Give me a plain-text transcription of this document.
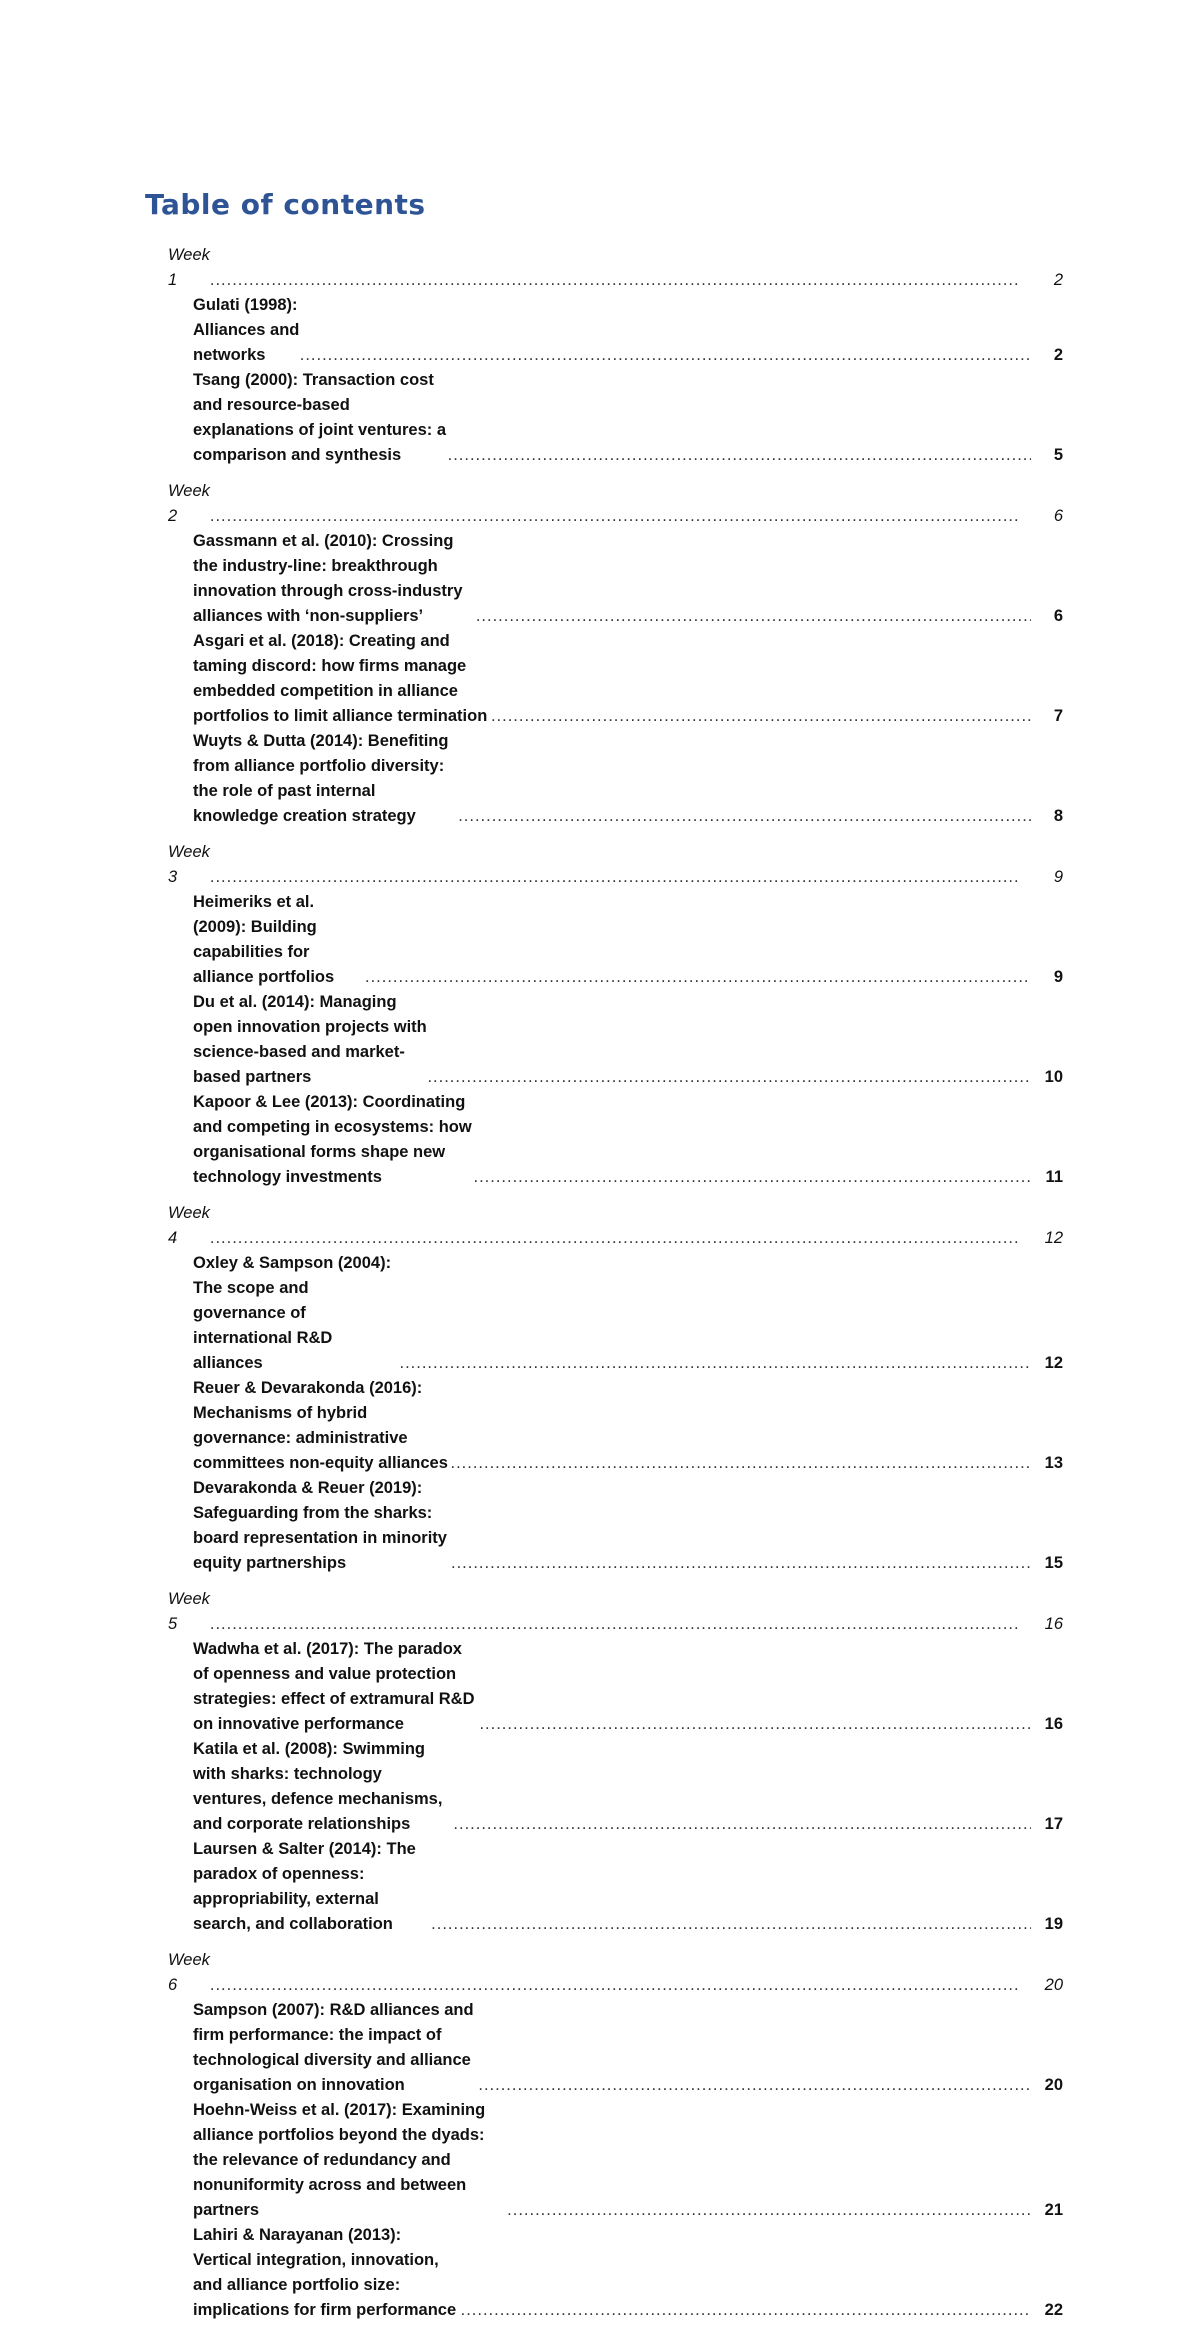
Table of contents
Week 1 .....	2
Gulati (1998): Alliances and networks .....	2
Tsang (2000): Transaction cost and resource-based explanations of joint ventures: a comparison and synthesis .....	5
Week 2 .....	6
Gassmann et al. (2010): Crossing the industry-line: breakthrough innovation through cross-industry alliances with ‘non-suppliers’ .....	6
Asgari et al. (2018): Creating and taming discord: how firms manage embedded competition in alliance portfolios to limit alliance termination .....	7
Wuyts & Dutta (2014): Benefiting from alliance portfolio diversity: the role of past internal knowledge creation strategy .....	8
Week 3 .....	9
Heimeriks et al. (2009): Building capabilities for alliance portfolios .....	9
Du et al. (2014): Managing open innovation projects with science-based and market-based partners .....	10
Kapoor & Lee (2013): Coordinating and competing in ecosystems: how organisational forms shape new technology investments .....	11
Week 4 .....	12
Oxley & Sampson (2004): The scope and governance of international R&D alliances .....	12
Reuer & Devarakonda (2016): Mechanisms of hybrid governance: administrative committees non-equity alliances .....	13
Devarakonda & Reuer (2019): Safeguarding from the sharks: board representation in minority equity partnerships .....	15
Week 5 .....	16
Wadwha et al. (2017): The paradox of openness and value protection strategies: effect of extramural R&D on innovative performance .....	16
Katila et al. (2008): Swimming with sharks: technology ventures, defence mechanisms, and corporate relationships .....	17
Laursen & Salter (2014): The paradox of openness: appropriability, external search, and collaboration .....	19
Week 6 .....	20
Sampson (2007): R&D alliances and firm performance: the impact of technological diversity and alliance organisation on innovation .....	20
Hoehn-Weiss et al. (2017): Examining alliance portfolios beyond the dyads: the relevance of redundancy and nonuniformity across and between partners .....	21
Lahiri & Narayanan (2013): Vertical integration, innovation, and alliance portfolio size: implications for firm performance .....	22
